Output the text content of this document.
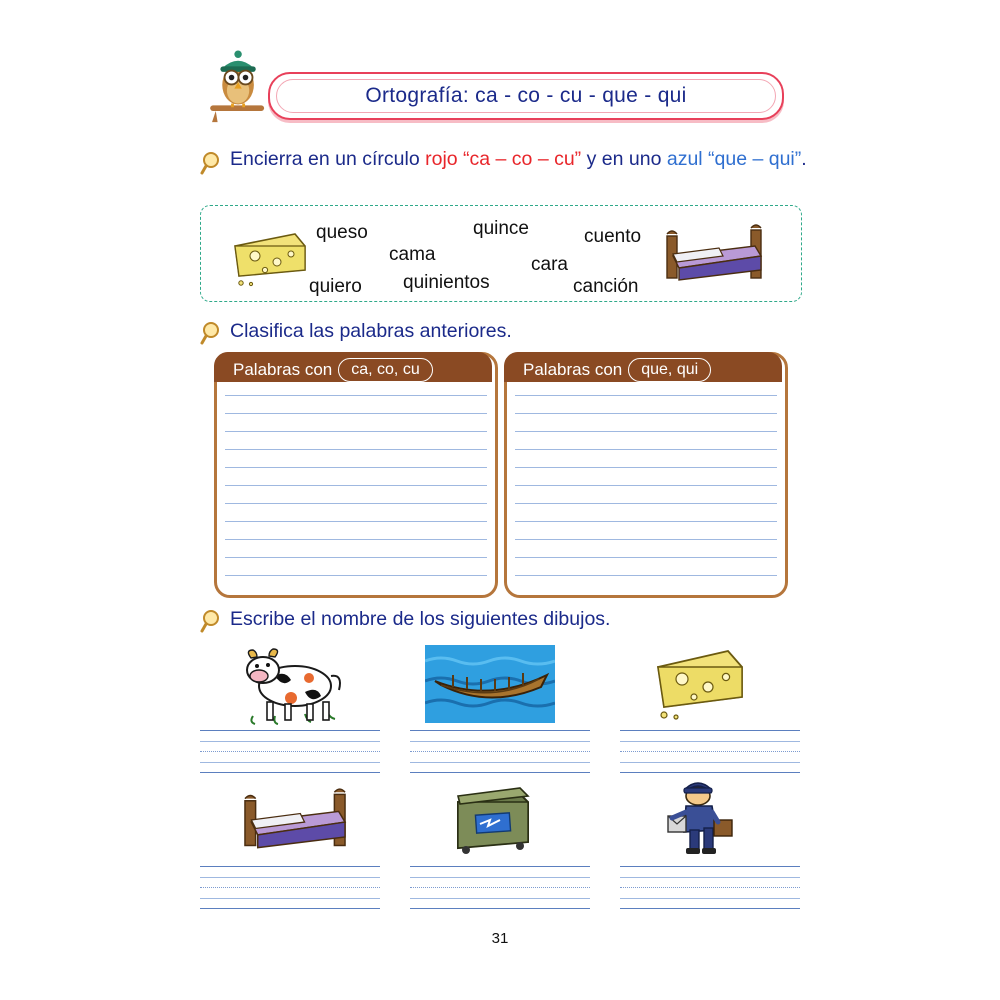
Ortografía: ca - co - cu - que - qui
Encierra en un círculo rojo “ca – co – cu” y en uno azul “que – qui”.
queso	quince	cuento
cama	cara
quiero quinientos	canción
Clasifica las palabras anteriores.
Palabras con ca, co, cu	Palabras con que, qui
Escribe el nombre de los siguientes dibujos.
31
